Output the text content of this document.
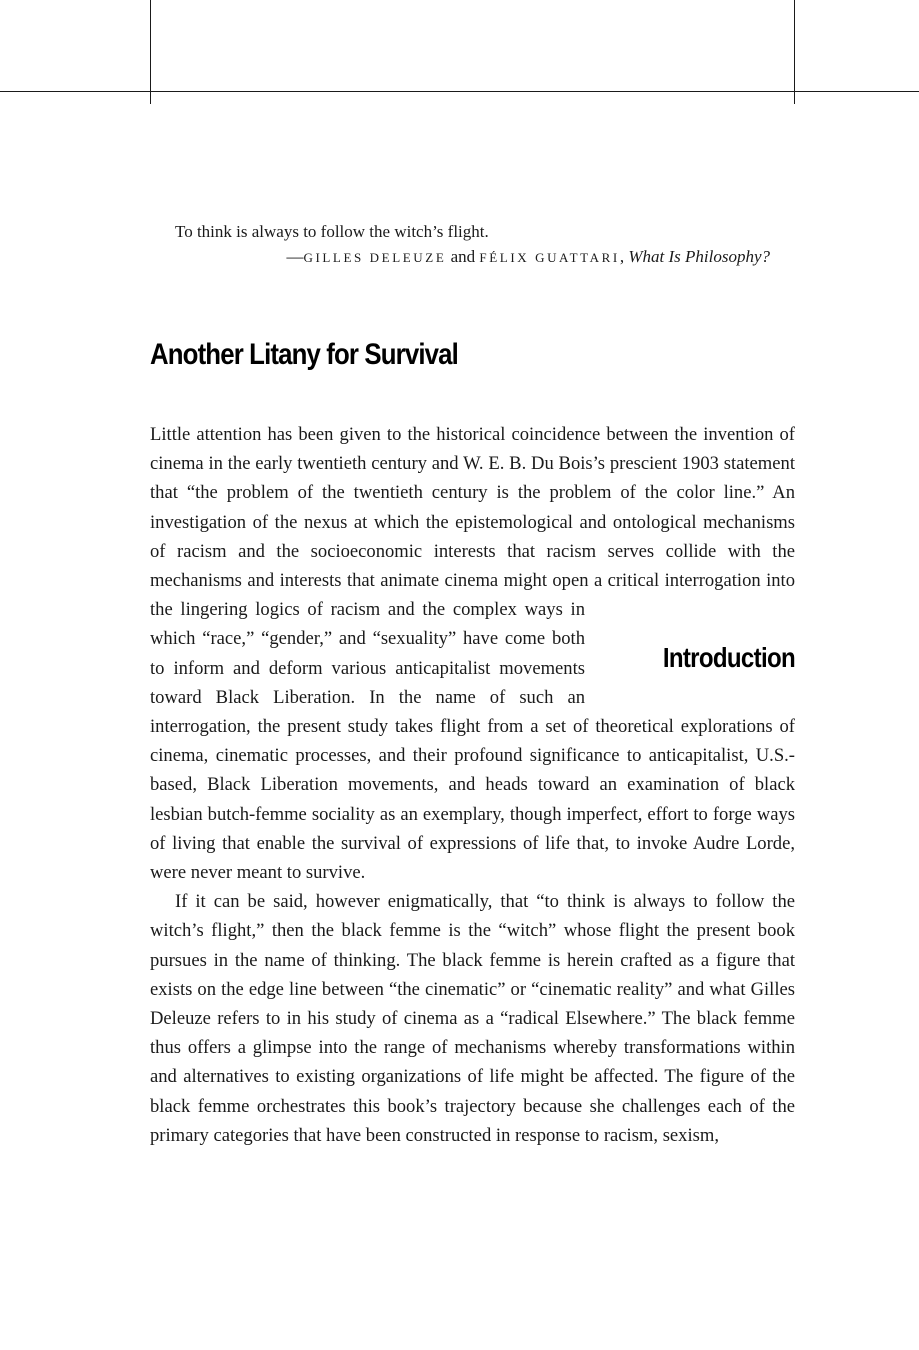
To think is always to follow the witch’s flight.

—GILLES DELEUZE and FÉLIX GUATTARI, What Is Philosophy?

Another Litany for Survival
Introduction

Little attention has been given to the historical coincidence between the invention of cinema in the early twentieth century and W. E. B. Du Bois’s prescient 1903 statement that “the problem of the twentieth century is the problem of the color line.” An investigation of the nexus at which the epistemological and ontological mechanisms of racism and the socioeconomic interests that racism serves collide with the mechanisms and interests that animate cinema might open a critical interrogation into the lingering logics of racism and the complex ways in which “race,” “gender,” and “sexuality” have come both to inform and deform various anticapitalist movements toward Black Liberation. In the name of such an interrogation, the present study takes flight from a set of theoretical explorations of cinema, cinematic processes, and their profound significance to anticapitalist, U.S.-based, Black Liberation movements, and heads toward an examination of black lesbian butch-femme sociality as an exemplary, though imperfect, effort to forge ways of living that enable the survival of expressions of life that, to invoke Audre Lorde, were never meant to survive.

If it can be said, however enigmatically, that “to think is always to follow the witch’s flight,” then the black femme is the “witch” whose flight the present book pursues in the name of thinking. The black femme is herein crafted as a figure that exists on the edge line between “the cinematic” or “cinematic reality” and what Gilles Deleuze refers to in his study of cinema as a “radical Elsewhere.” The black femme thus offers a glimpse into the range of mechanisms whereby transformations within and alternatives to existing organizations of life might be affected. The figure of the black femme orchestrates this book’s trajectory because she challenges each of the primary categories that have been constructed in response to racism, sexism,
